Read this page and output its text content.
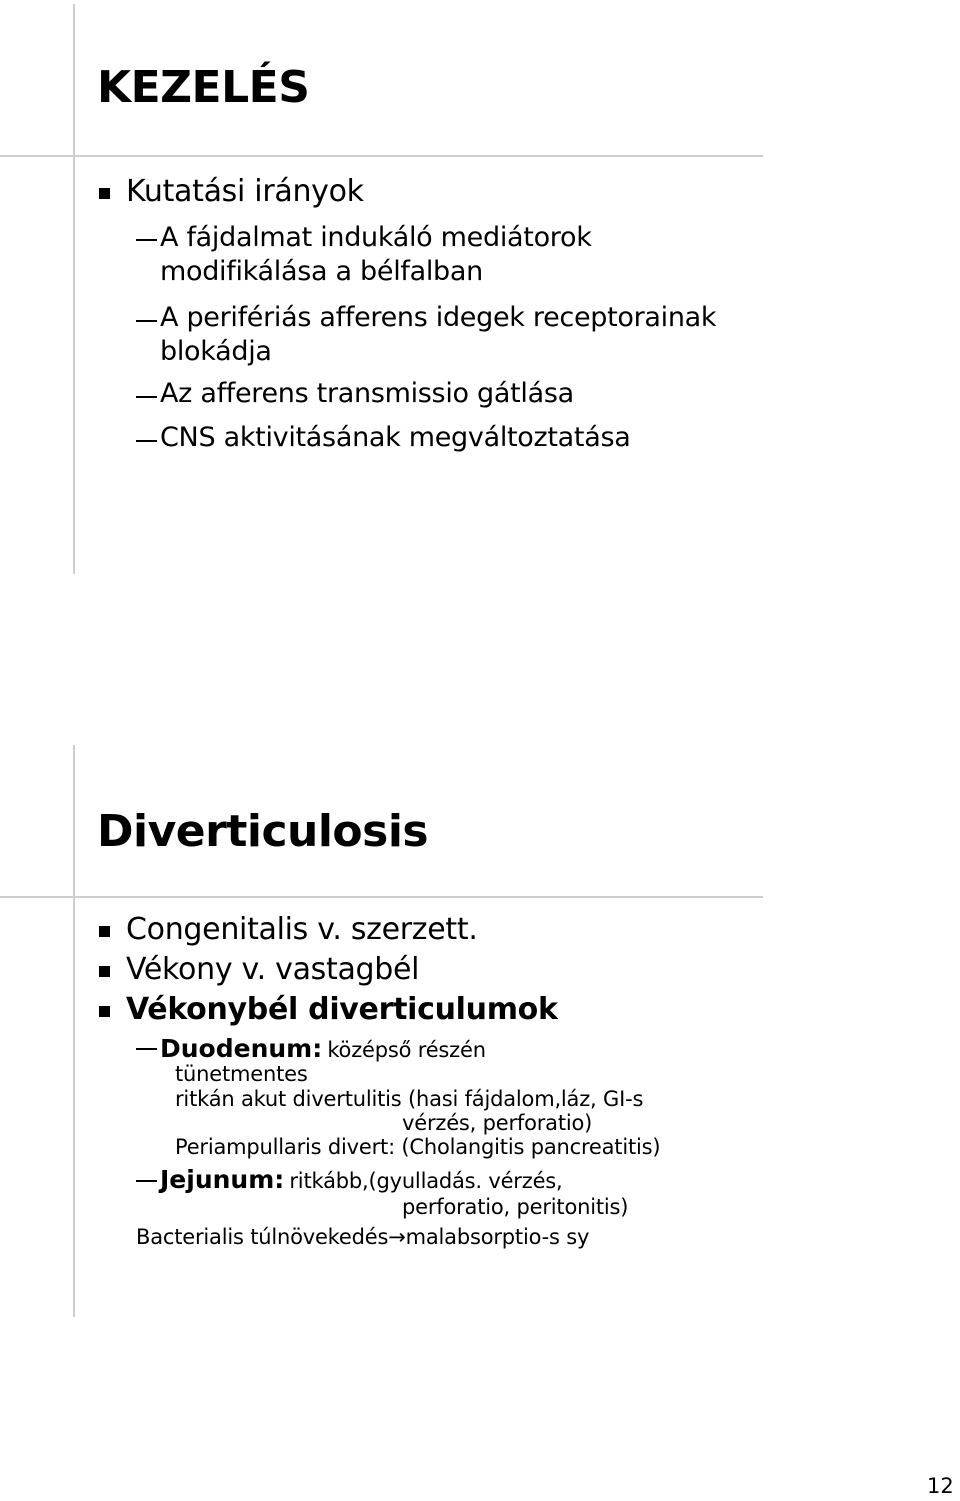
KEZELÉS
Kutatási irányok
A fájdalmat indukáló mediátorok
modifikálása a bélfalban
A perifériás afferens idegek receptorainak
blokádja
Az afferens transmissio gátlása
CNS aktivitásának megváltoztatása
Diverticulosis
Congenitalis v. szerzett.
Vékony v. vastagbél
Vékonybél diverticulumok
Duodenum: középső részén
tünetmentes
ritkán akut divertulitis (hasi fájdalom,láz, GI-s
vérzés, perforatio)
Periampullaris divert: (Cholangitis pancreatitis)
Jejunum: ritkább,(gyulladás. vérzés,
perforatio, peritonitis)
Bacterialis túlnövekedés→malabsorptio-s sy
12
